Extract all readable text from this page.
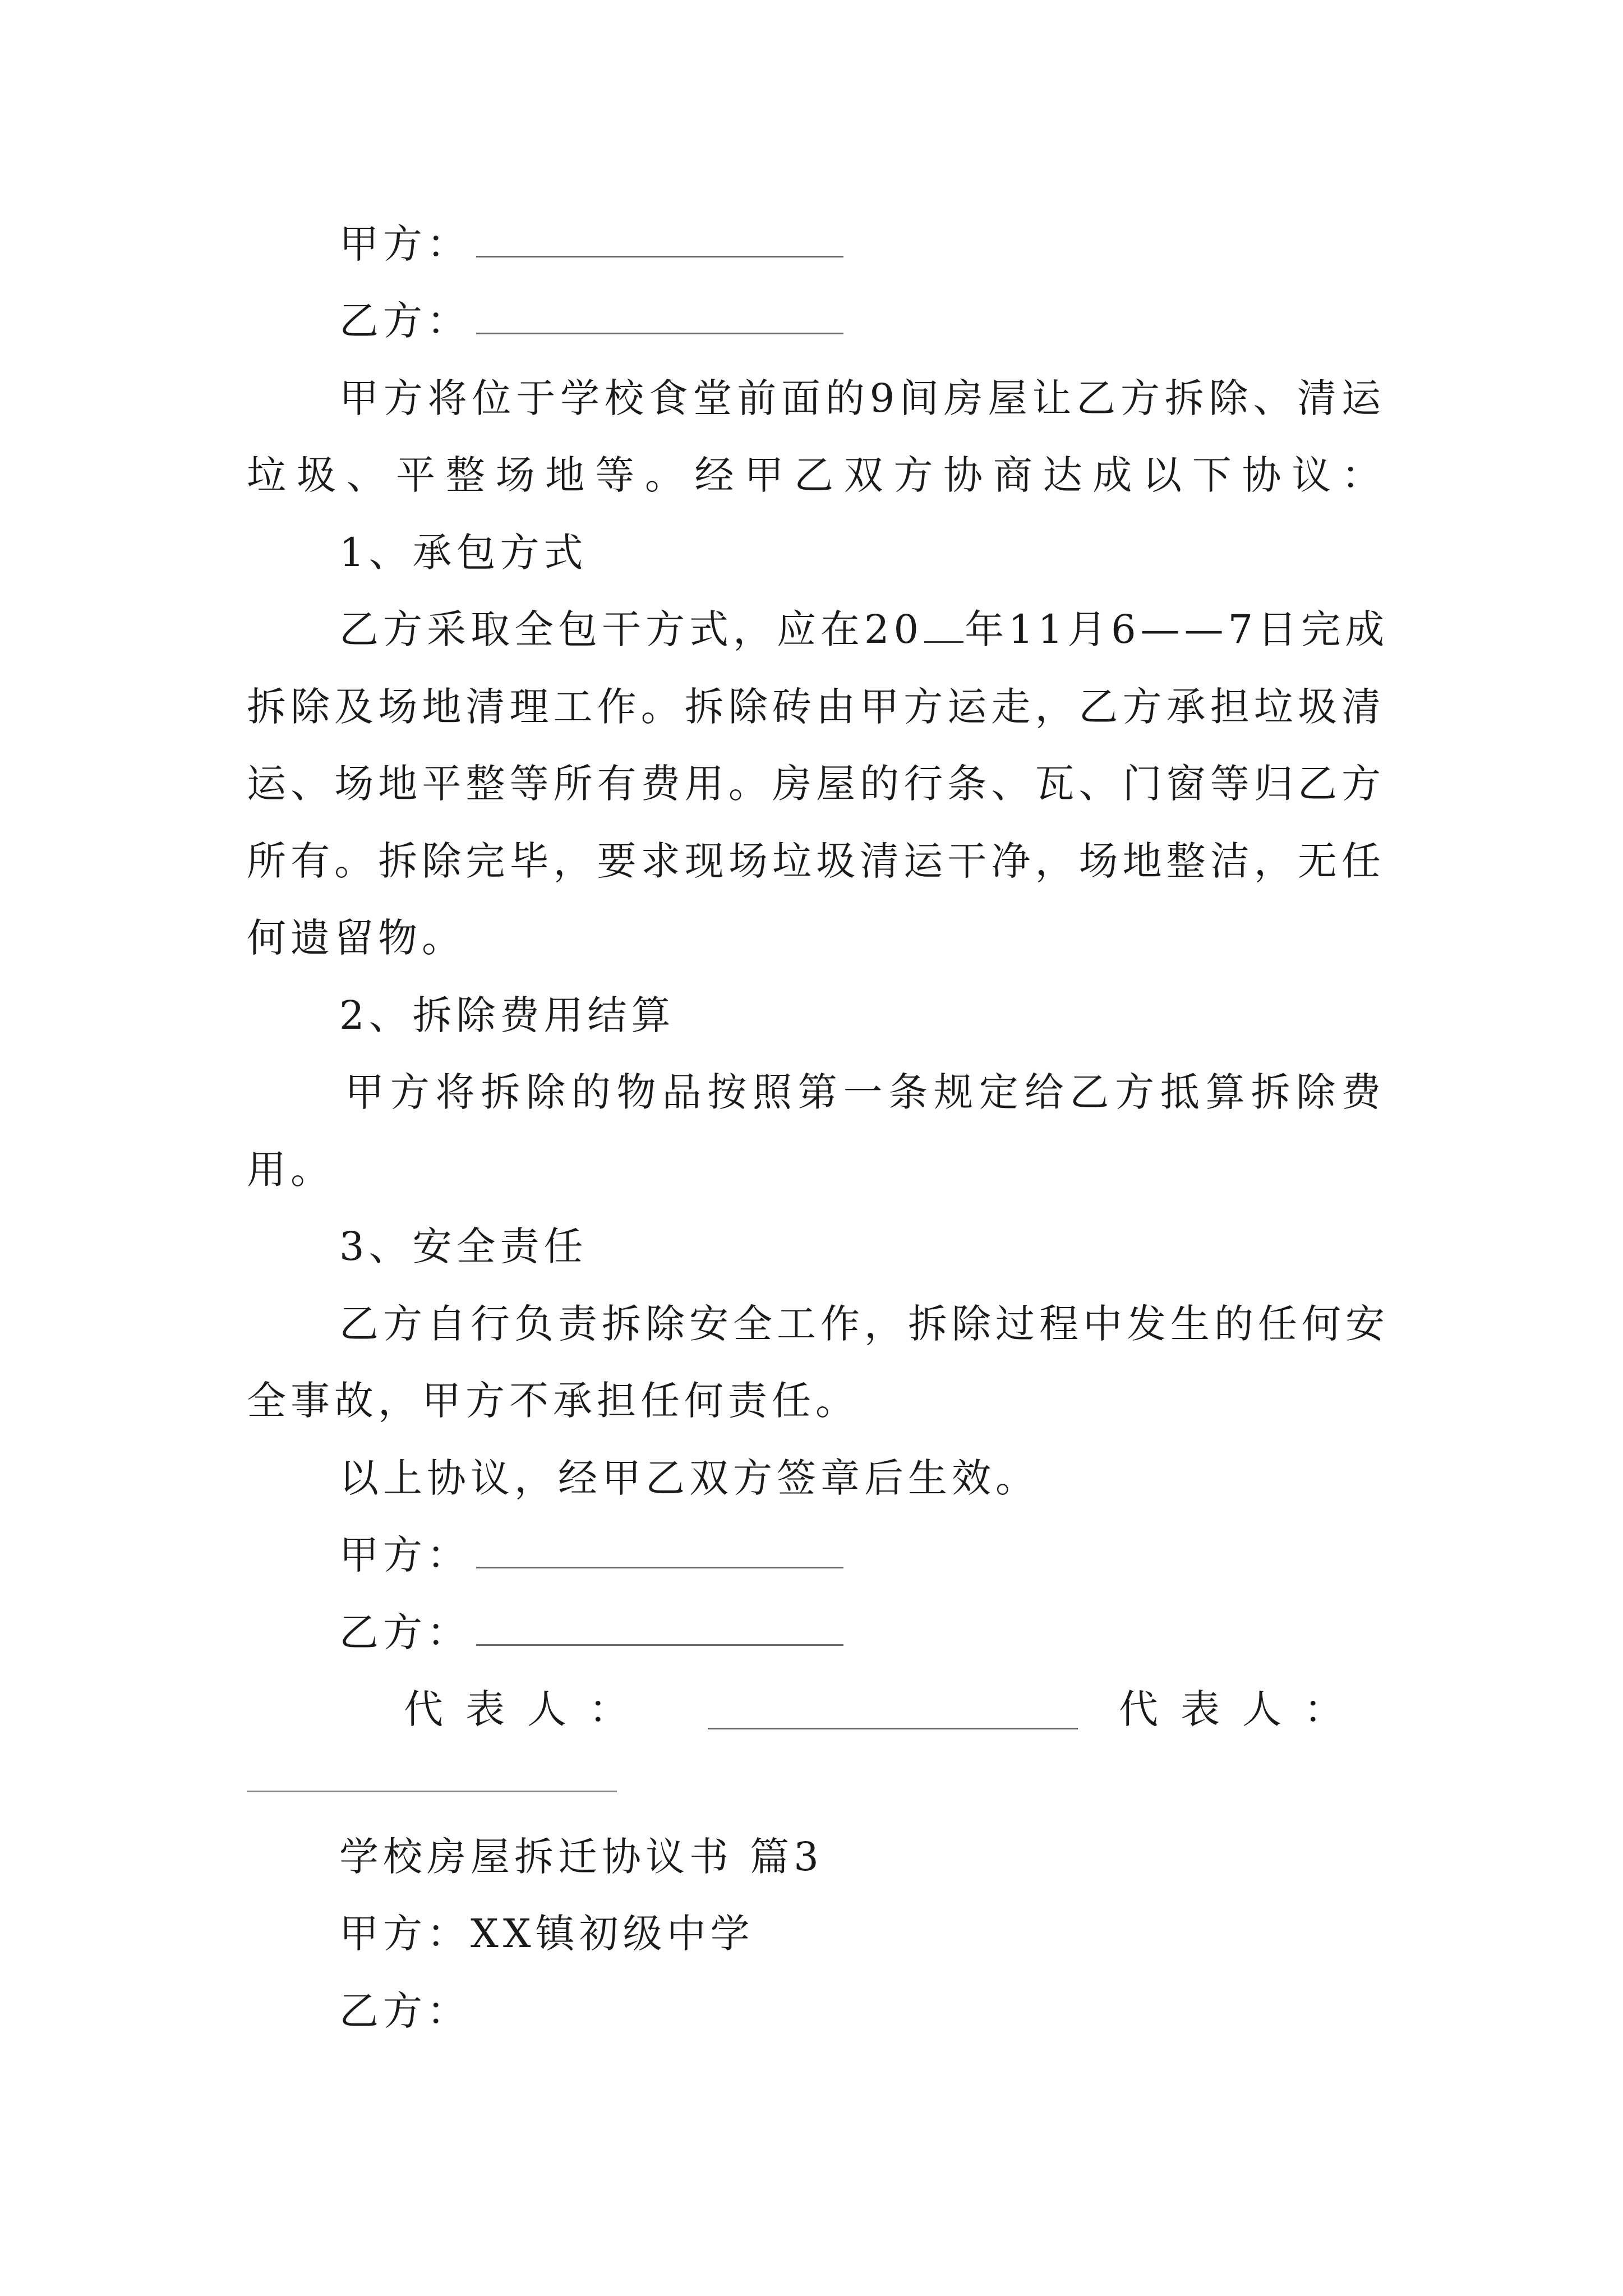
甲方：
乙方：
甲方将位于学校食堂前面的9间房屋让乙方拆除、清运
垃圾、平整场地等。经甲乙双方协商达成以下协议：
1、承包方式
乙方采取全包干方式，应在20 年11月6——7日完成
拆除及场地清理工作。拆除砖由甲方运走，乙方承担垃圾清
运、场地平整等所有费用。房屋的行条、瓦、门窗等归乙方
所有。拆除完毕，要求现场垃圾清运干净，场地整洁，无任
何遗留物。
2、拆除费用结算
甲方将拆除的物品按照第一条规定给乙方抵算拆除费
用。
3、安全责任
乙方自行负责拆除安全工作，拆除过程中发生的任何安
全事故，甲方不承担任何责任。
以上协议，经甲乙双方签章后生效。
甲方：
乙方：
代 表 人 ：	代 表 人 ：
学校房屋拆迁协议书 篇3
甲方：XX镇初级中学
乙方：
